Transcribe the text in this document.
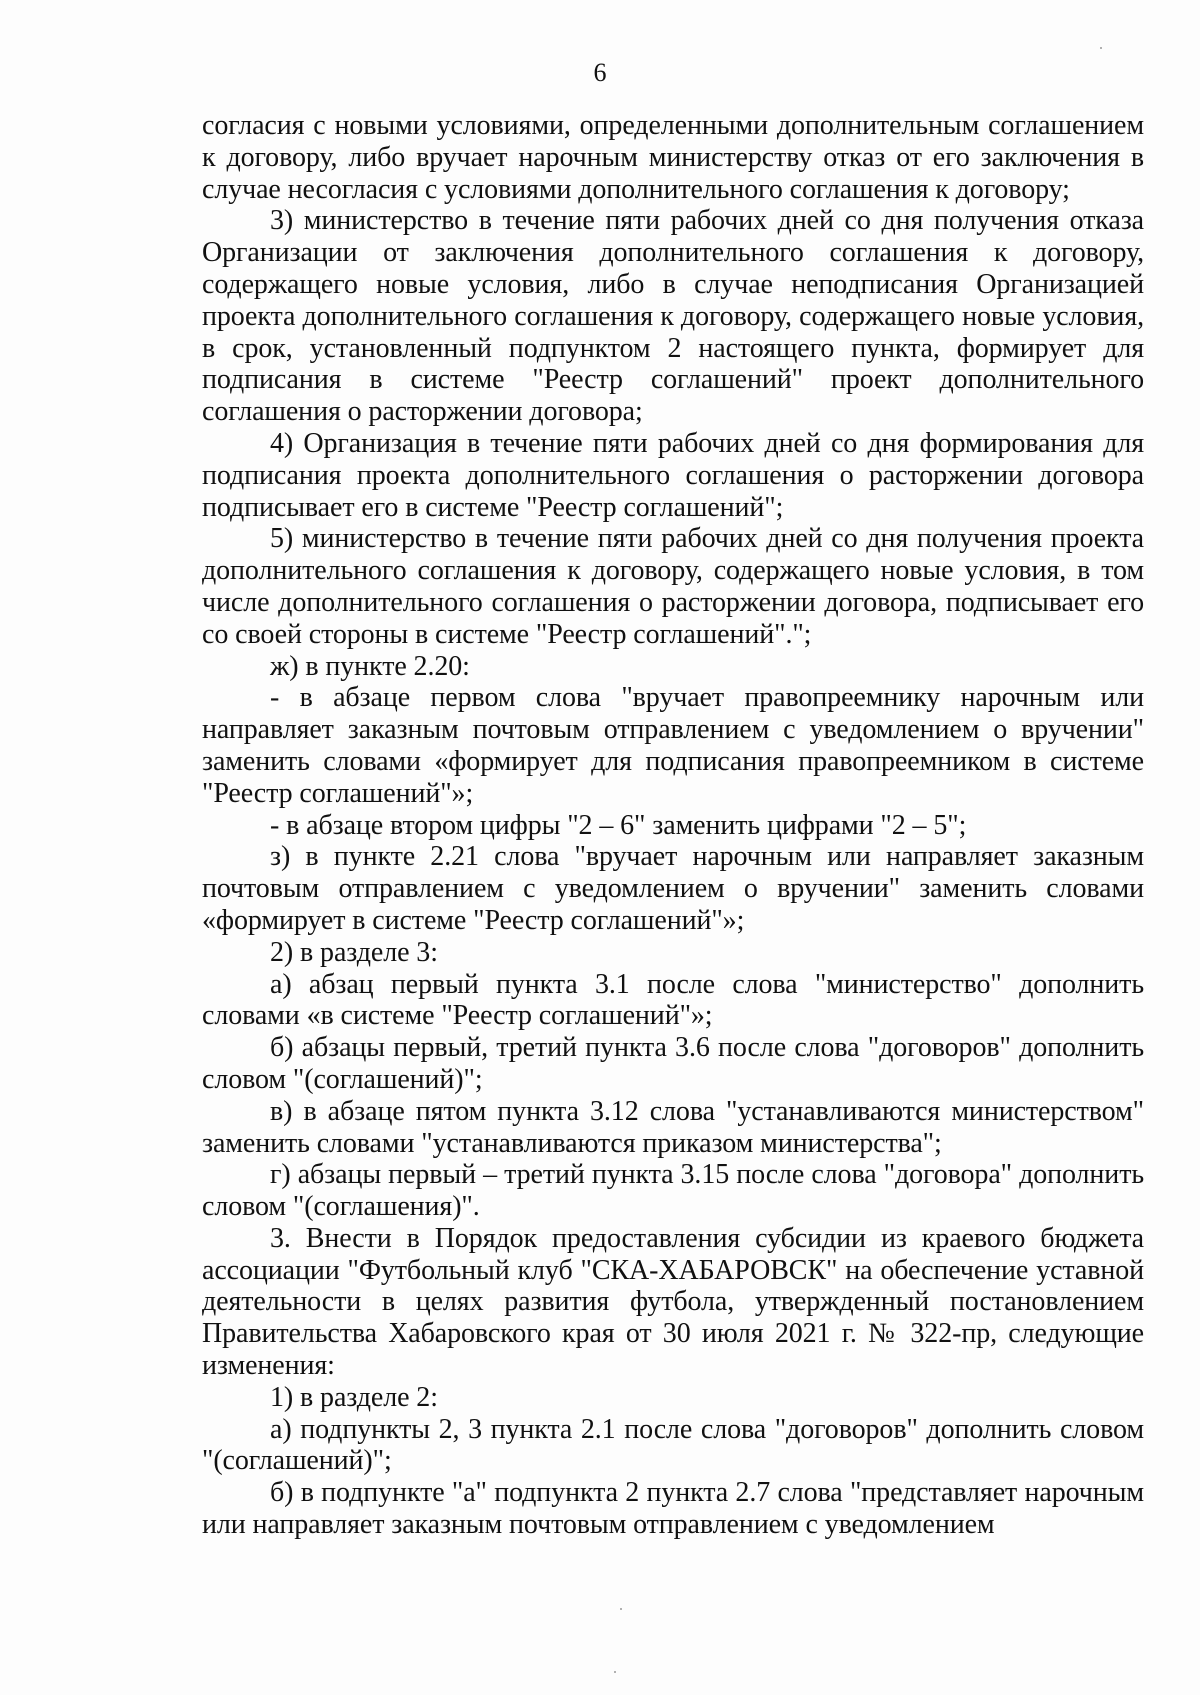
6

согласия с новыми условиями, определенными дополнительным соглашением к договору, либо вручает нарочным министерству отказ от его заключения в случае несогласия с условиями дополнительного соглашения к договору;

3) министерство в течение пяти рабочих дней со дня получения отказа Организации от заключения дополнительного соглашения к договору, содержащего новые условия, либо в случае неподписания Организацией проекта дополнительного соглашения к договору, содержащего новые условия, в срок, установленный подпунктом 2 настоящего пункта, формирует для подписания в системе "Реестр соглашений" проект дополнительного соглашения о расторжении договора;

4) Организация в течение пяти рабочих дней со дня формирования для подписания проекта дополнительного соглашения о расторжении договора подписывает его в системе "Реестр соглашений";

5) министерство в течение пяти рабочих дней со дня получения проекта дополнительного соглашения к договору, содержащего новые условия, в том числе дополнительного соглашения о расторжении договора, подписывает его со своей стороны в системе "Реестр соглашений".";

ж) в пункте 2.20:

- в абзаце первом слова "вручает правопреемнику нарочным или направляет заказным почтовым отправлением с уведомлением о вручении" заменить словами «формирует для подписания правопреемником в системе "Реестр соглашений"»;

- в абзаце втором цифры "2 – 6" заменить цифрами "2 – 5";

з) в пункте 2.21 слова "вручает нарочным или направляет заказным почтовым отправлением с уведомлением о вручении" заменить словами «формирует в системе "Реестр соглашений"»;

2) в разделе 3:

а) абзац первый пункта 3.1 после слова "министерство" дополнить словами «в системе "Реестр соглашений"»;

б) абзацы первый, третий пункта 3.6 после слова "договоров" дополнить словом "(соглашений)";

в) в абзаце пятом пункта 3.12 слова "устанавливаются министерством" заменить словами "устанавливаются приказом министерства";

г) абзацы первый – третий пункта 3.15 после слова "договора" дополнить словом "(соглашения)".

3. Внести в Порядок предоставления субсидии из краевого бюджета ассоциации "Футбольный клуб "СКА-ХАБАРОВСК" на обеспечение уставной деятельности в целях развития футбола, утвержденный постановлением Правительства Хабаровского края от 30 июля 2021 г. № 322-пр, следующие изменения:

1) в разделе 2:

а) подпункты 2, 3 пункта 2.1 после слова "договоров" дополнить словом "(соглашений)";

б) в подпункте "а" подпункта 2 пункта 2.7 слова "представляет нарочным или направляет заказным почтовым отправлением с уведомлением
